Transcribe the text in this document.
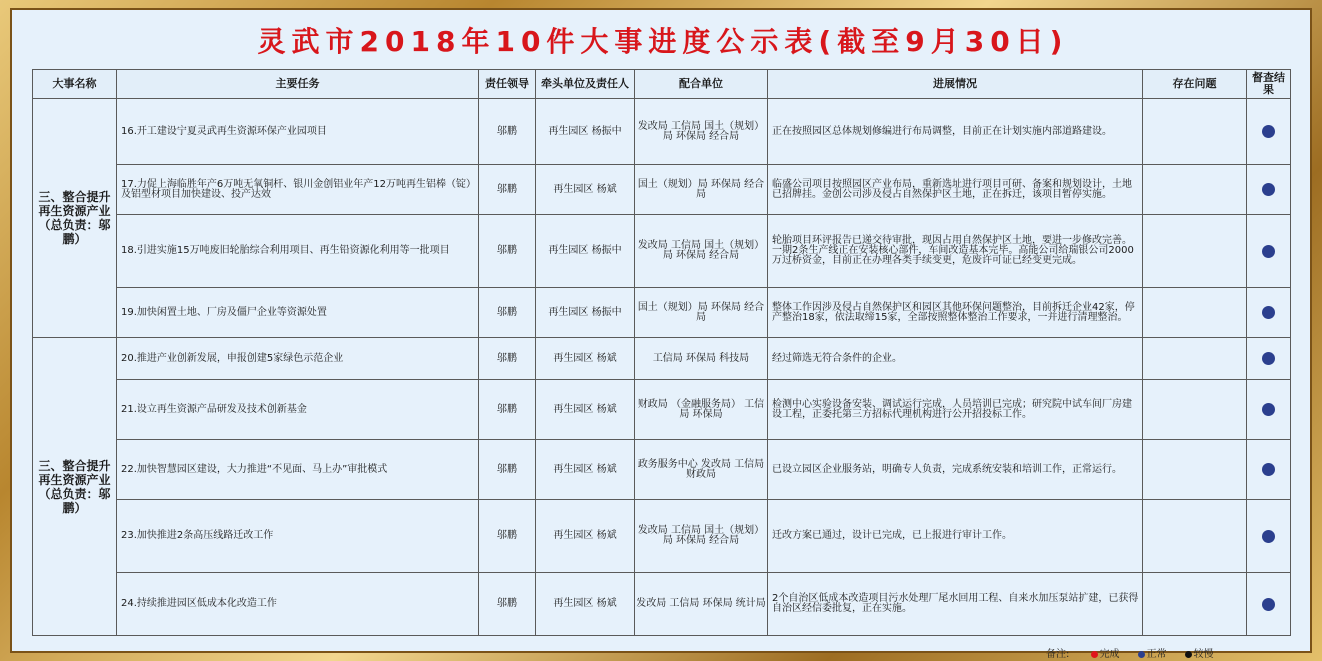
灵武市2018年10件大事进度公示表(截至9月30日)
大事名称	主要任务	责任领导	牵头单位及责任人	配合单位	进展情况	存在问题	督查结果
三、整合提升再生资源产业（总负责：邬鹏）	16.开工建设宁夏灵武再生资源环保产业园项目	邬鹏	再生园区 杨振中	发改局 工信局 国土（规划）局 环保局 经合局	正在按照园区总体规划修编进行布局调整，目前正在计划实施内部道路建设。		
	17.力促上海临胜年产6万吨无氧铜杆、银川金创铝业年产12万吨再生铝棒（锭）及铝型材项目加快建设、投产达效	邬鹏	再生园区 杨斌	国土（规划）局 环保局 经合局	临盛公司项目按照园区产业布局，重新选址进行项目可研、备案和规划设计，土地已招牌挂。金创公司涉及侵占自然保护区土地，正在拆迁，该项目暂停实施。		
	18.引进实施15万吨废旧轮胎综合利用项目、再生铅资源化利用等一批项目	邬鹏	再生园区 杨振中	发改局 工信局 国土（规划）局 环保局 经合局	轮胎项目环评报告已递交待审批，现因占用自然保护区土地，要进一步修改完善。一期2条生产线正在安装核心部件，车间改造基本完毕。高能公司给瑞银公司2000万过桥资金，目前正在办理各类手续变更，危废许可证已经变更完成。		
	19.加快闲置土地、厂房及僵尸企业等资源处置	邬鹏	再生园区 杨振中	国土（规划）局 环保局 经合局	整体工作因涉及侵占自然保护区和园区其他环保问题整治，目前拆迁企业42家，停产整治18家，依法取缔15家，全部按照整体整治工作要求，一并进行清理整治。		
三、整合提升再生资源产业（总负责：邬鹏）	20.推进产业创新发展，申报创建5家绿色示范企业	邬鹏	再生园区 杨斌	工信局 环保局 科技局	经过筛选无符合条件的企业。		
	21.设立再生资源产品研发及技术创新基金	邬鹏	再生园区 杨斌	财政局 （金融服务局） 工信局 环保局	检测中心实验设备安装、调试运行完成，人员培训已完成；研究院中试车间厂房建设工程，正委托第三方招标代理机构进行公开招投标工作。		
	22.加快智慧园区建设，大力推进“不见面、马上办”审批模式	邬鹏	再生园区 杨斌	政务服务中心 发改局 工信局 财政局	已设立园区企业服务站，明确专人负责，完成系统安装和培训工作，正常运行。		
	23.加快推进2条高压线路迁改工作	邬鹏	再生园区 杨斌	发改局 工信局 国土（规划）局 环保局 经合局	迁改方案已通过，设计已完成，已上报进行审计工作。		
	24.持续推进园区低成本化改造工作	邬鹏	再生园区 杨斌	发改局 工信局 环保局 统计局	2个自治区低成本改造项目污水处理厂尾水回用工程、自来水加压泵站扩建，已获得自治区经信委批复，正在实施。		
备注:	完成	正常	较慢
